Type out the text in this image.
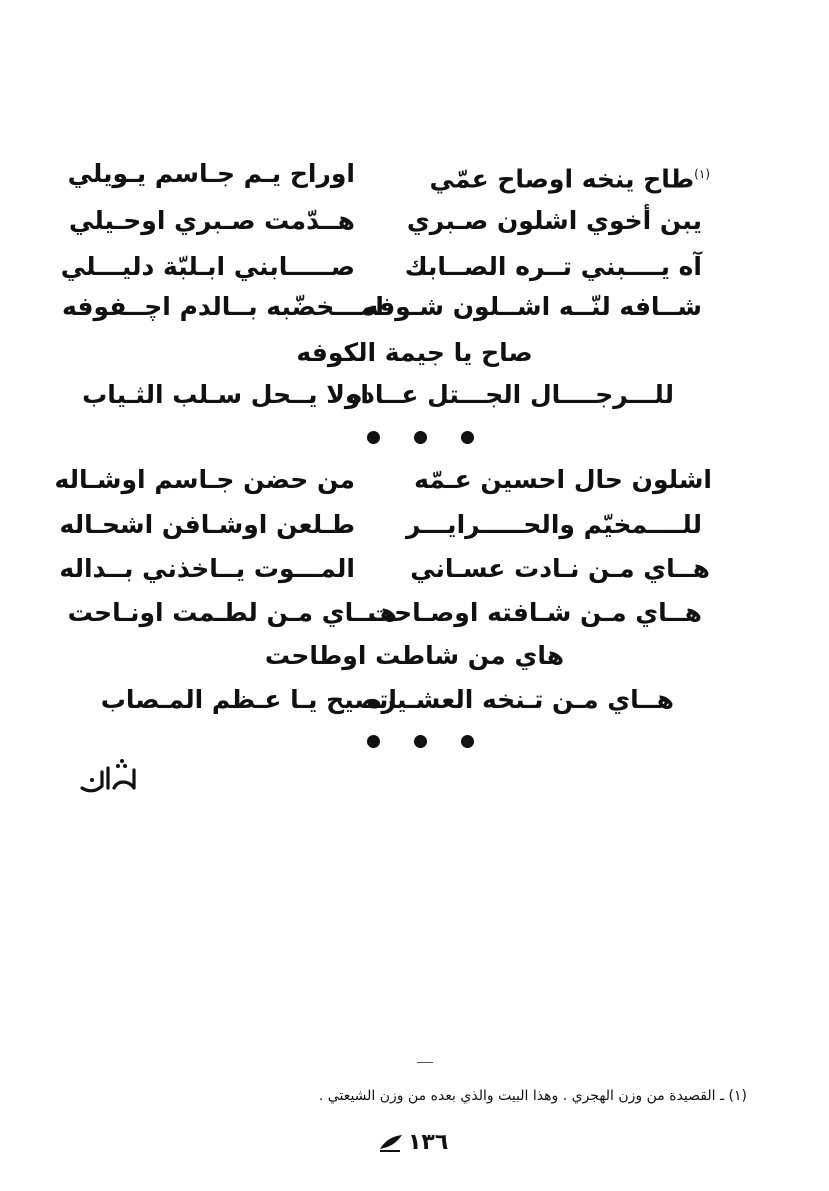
$^{(١)}$طاح ينخه اوصاح عمّي
اوراح يـم جـاسم يـويلي
يبن أخوي اشلون صـبري
هــدّمت صـبري اوحـيلي
آه يــــبني تــره الصــابك
صـــــابني ابـلبّة دليـــلي
شــافه لنّــه اشــلون شـوفه
امـــخضّبه بــالدم اچــفوفه
صاح يا جيمة الكوفه
للـــرجــــال الجـــتل عــاده
اولا يــحل سـلب الثـياب
اشلون حال احسين عـمّه
من حضن جـاسم اوشـاله
للــــمخيّم والحـــــرايـــر
طـلعن اوشـافن اشحـاله
هــاي مـن نـادت عسـاني
المـــوت يــاخذني بــداله
هــاي مـن شـافته اوصـاحت
هـــاي مـن لطـمت اونـاحت
هاي من شاطت اوطاحت
هــاي مـن تـنخه العشـيره
اتصيح يـا عـظم المـصاب
(١) ـ القصيدة من وزن الهجري . وهذا البيت والذي بعده من وزن الشيعتي .
١٣٦
